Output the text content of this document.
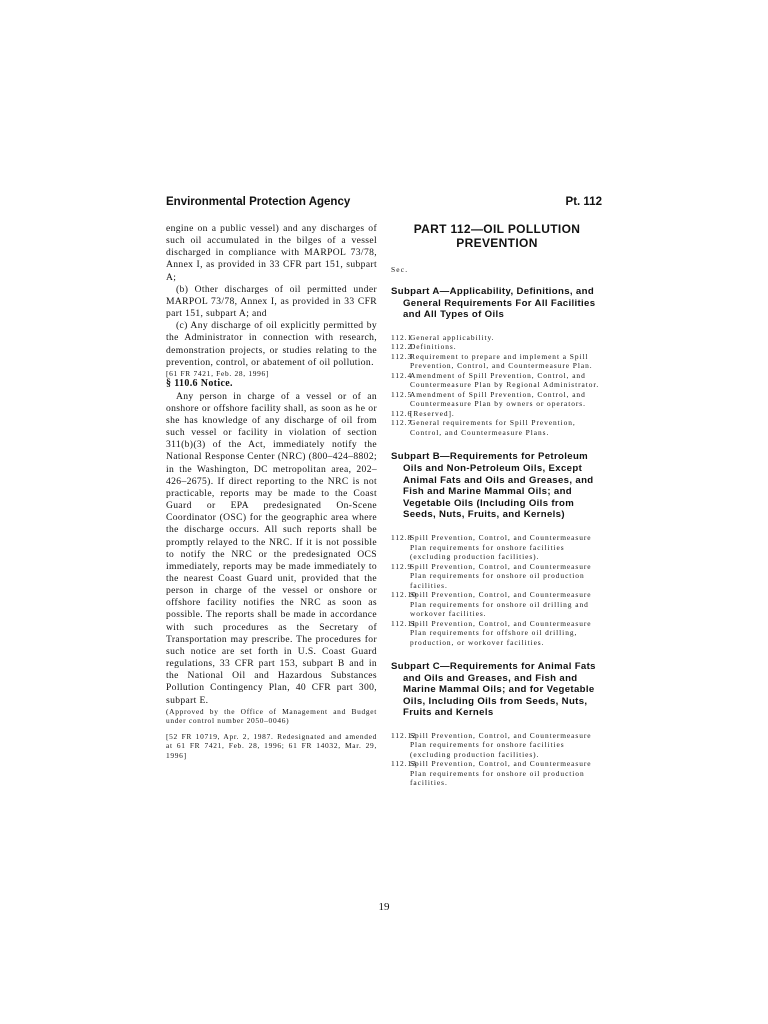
Environmental Protection Agency	Pt. 112

engine on a public vessel) and any discharges of such oil accumulated in the bilges of a vessel discharged in compliance with MARPOL 73/78, Annex I, as provided in 33 CFR part 151, subpart A;

(b) Other discharges of oil permitted under MARPOL 73/78, Annex I, as provided in 33 CFR part 151, subpart A; and

(c) Any discharge of oil explicitly permitted by the Administrator in connection with research, demonstration projects, or studies relating to the prevention, control, or abatement of oil pollution.

[61 FR 7421, Feb. 28, 1996]

§ 110.6 Notice.

Any person in charge of a vessel or of an onshore or offshore facility shall, as soon as he or she has knowledge of any discharge of oil from such vessel or facility in violation of section 311(b)(3) of the Act, immediately notify the National Response Center (NRC) (800–424–8802; in the Washington, DC metropolitan area, 202–426–2675). If direct reporting to the NRC is not practicable, reports may be made to the Coast Guard or EPA predesignated On-Scene Coordinator (OSC) for the geographic area where the discharge occurs. All such reports shall be promptly relayed to the NRC. If it is not possible to notify the NRC or the predesignated OCS immediately, reports may be made immediately to the nearest Coast Guard unit, provided that the person in charge of the vessel or onshore or offshore facility notifies the NRC as soon as possible. The reports shall be made in accordance with such procedures as the Secretary of Transportation may prescribe. The procedures for such notice are set forth in U.S. Coast Guard regulations, 33 CFR part 153, subpart B and in the National Oil and Hazardous Substances Pollution Contingency Plan, 40 CFR part 300, subpart E.

(Approved by the Office of Management and Budget under control number 2050–0046)

[52 FR 10719, Apr. 2, 1987. Redesignated and amended at 61 FR 7421, Feb. 28, 1996; 61 FR 14032, Mar. 29, 1996]

PART 112—OIL POLLUTION PREVENTION
Sec.
Subpart A—Applicability, Definitions, and General Requirements For All Facilities and All Types of Oils
112.1General applicability.
112.2Definitions.
112.3Requirement to prepare and implement a Spill Prevention, Control, and Countermeasure Plan.
112.4Amendment of Spill Prevention, Control, and Countermeasure Plan by Regional Administrator.
112.5Amendment of Spill Prevention, Control, and Countermeasure Plan by owners or operators.
112.6[Reserved].
112.7General requirements for Spill Prevention, Control, and Countermeasure Plans.
Subpart B—Requirements for Petroleum Oils and Non-Petroleum Oils, Except Animal Fats and Oils and Greases, and Fish and Marine Mammal Oils; and Vegetable Oils (Including Oils from Seeds, Nuts, Fruits, and Kernels)
112.8Spill Prevention, Control, and Countermeasure Plan requirements for onshore facilities (excluding production facilities).
112.9Spill Prevention, Control, and Countermeasure Plan requirements for onshore oil production facilities.
112.10Spill Prevention, Control, and Countermeasure Plan requirements for onshore oil drilling and workover facilities.
112.11Spill Prevention, Control, and Countermeasure Plan requirements for offshore oil drilling, production, or workover facilities.
Subpart C—Requirements for Animal Fats and Oils and Greases, and Fish and Marine Mammal Oils; and for Vegetable Oils, Including Oils from Seeds, Nuts, Fruits and Kernels
112.12Spill Prevention, Control, and Countermeasure Plan requirements for onshore facilities (excluding production facilities).
112.13Spill Prevention, Control, and Countermeasure Plan requirements for onshore oil production facilities.
19
